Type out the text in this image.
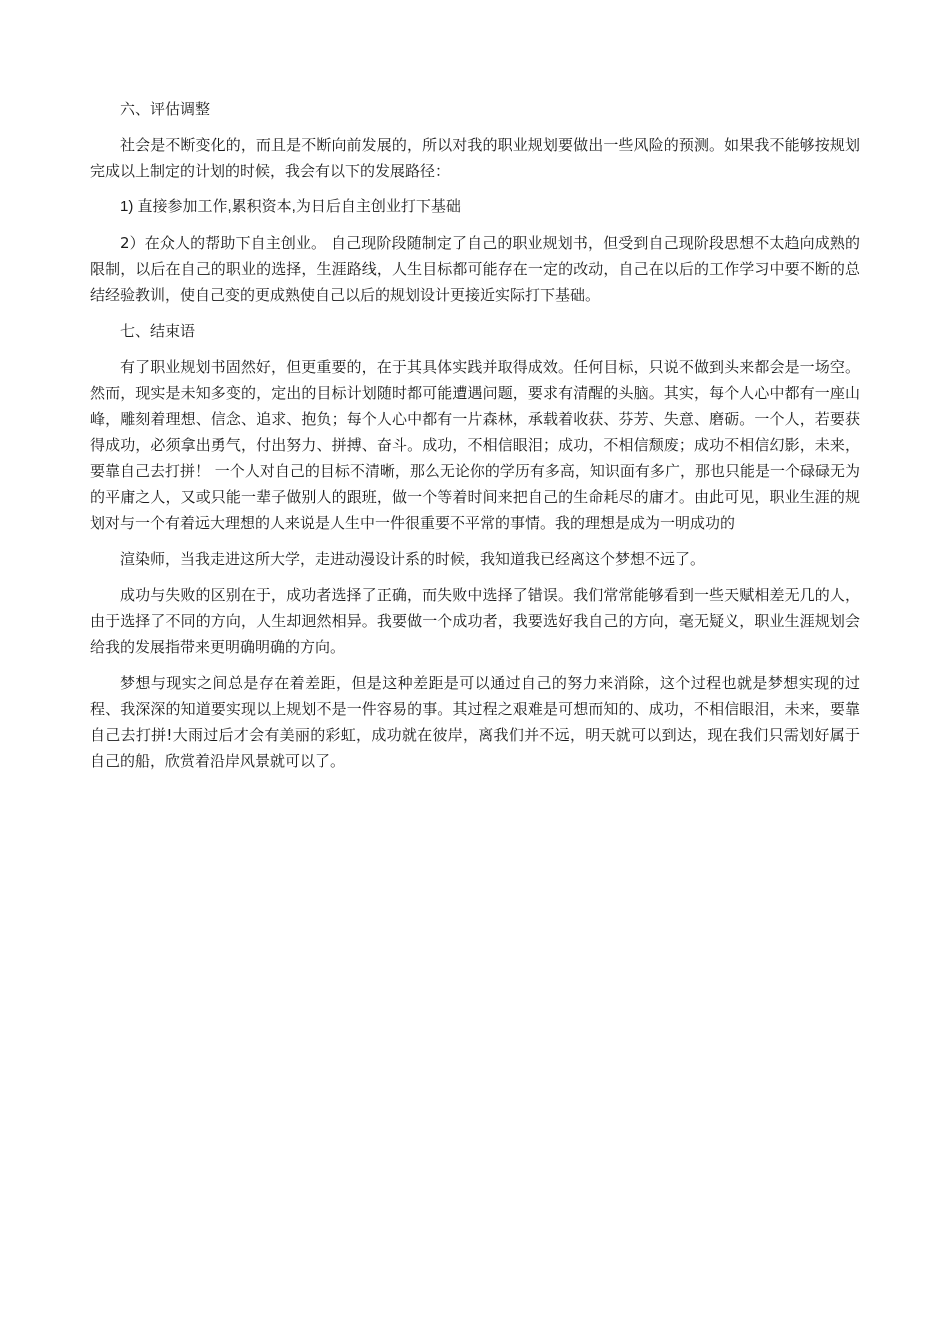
六、评估调整

社会是不断变化的，而且是不断向前发展的，所以对我的职业规划要做出一些风险的预测。如果我不能够按规划完成以上制定的计划的时候，我会有以下的发展路径：

1) 直接参加工作,累积资本,为日后自主创业打下基础

2）在众人的帮助下自主创业。 自己现阶段随制定了自己的职业规划书，但受到自己现阶段思想不太趋向成熟的限制，以后在自己的职业的选择，生涯路线，人生目标都可能存在一定的改动，自己在以后的工作学习中要不断的总结经验教训，使自己变的更成熟使自己以后的规划设计更接近实际打下基础。

七、结束语

有了职业规划书固然好，但更重要的，在于其具体实践并取得成效。任何目标，只说不做到头来都会是一场空。然而，现实是未知多变的，定出的目标计划随时都可能遭遇问题，要求有清醒的头脑。其实，每个人心中都有一座山峰，雕刻着理想、信念、追求、抱负；每个人心中都有一片森林，承载着收获、芬芳、失意、磨砺。一个人，若要获得成功，必须拿出勇气，付出努力、拼搏、奋斗。成功，不相信眼泪；成功，不相信颓废；成功不相信幻影，未来，要靠自己去打拼！ 一个人对自己的目标不清晰，那么无论你的学历有多高，知识面有多广，那也只能是一个碌碌无为的平庸之人，又或只能一辈子做别人的跟班，做一个等着时间来把自己的生命耗尽的庸才。由此可见，职业生涯的规划对与一个有着远大理想的人来说是人生中一件很重要不平常的事情。我的理想是成为一明成功的

渲染师，当我走进这所大学，走进动漫设计系的时候，我知道我已经离这个梦想不远了。

成功与失败的区别在于，成功者选择了正确，而失败中选择了错误。我们常常能够看到一些天赋相差无几的人，由于选择了不同的方向，人生却迥然相异。我要做一个成功者，我要选好我自己的方向，毫无疑义，职业生涯规划会给我的发展指带来更明确明确的方向。

梦想与现实之间总是存在着差距，但是这种差距是可以通过自己的努力来消除，这个过程也就是梦想实现的过程、我深深的知道要实现以上规划不是一件容易的事。其过程之艰难是可想而知的、成功，不相信眼泪，未来，要靠自己去打拼!大雨过后才会有美丽的彩虹，成功就在彼岸，离我们并不远，明天就可以到达，现在我们只需划好属于自己的船，欣赏着沿岸风景就可以了。
